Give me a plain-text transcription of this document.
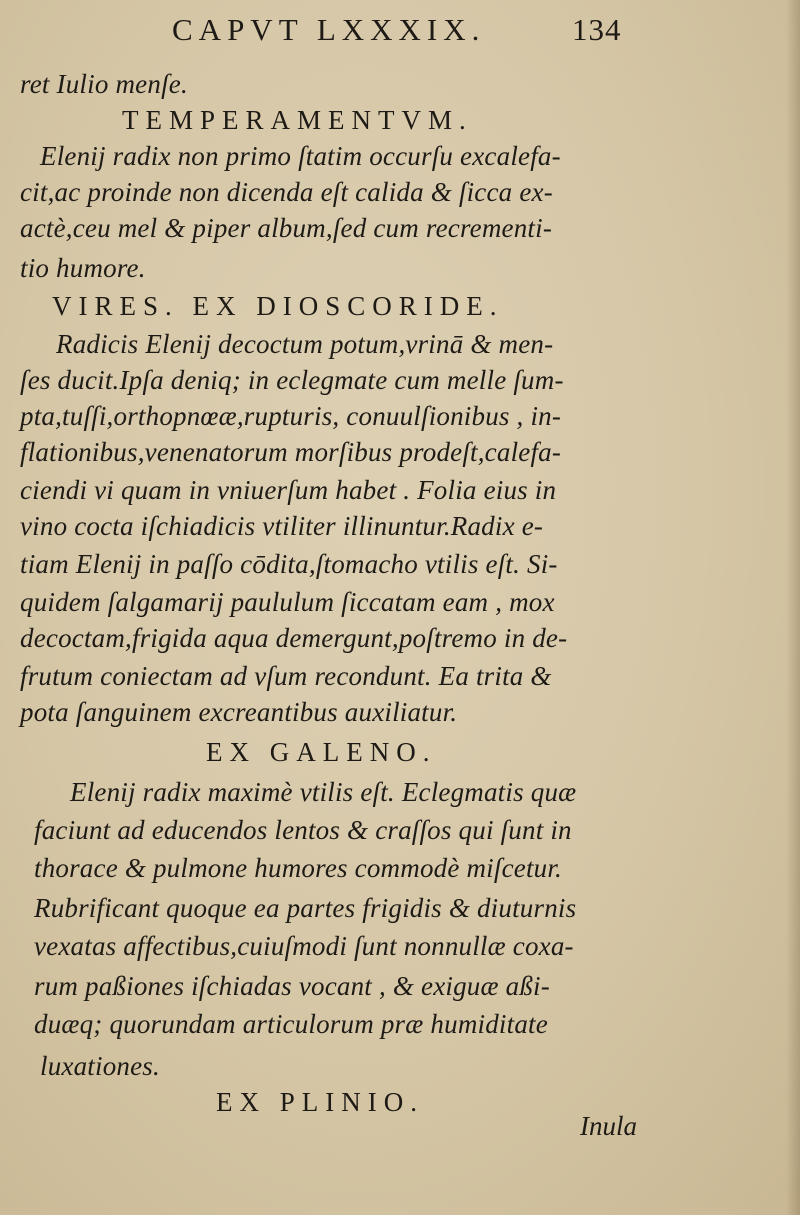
CAPVT LXXXIX.	134
ret Iulio menſe.
TEMPERAMENTVM.
Elenij radix non primo ſtatim occurſu excalefa-
cit,ac proinde non dicenda eſt calida & ſicca ex-
actè,ceu mel & piper album,ſed cum recrementi-
tio humore.
VIRES. EX DIOSCORIDE.
Radicis Elenij decoctum potum,vrinā & men-
ſes ducit.Ipſa deniq; in eclegmate cum melle ſum-
pta,tuſſi,orthopnœæ,rupturis, conuulſionibus , in-
flationibus,venenatorum morſibus prodeſt,calefa-
ciendi vi quam in vniuerſum habet . Folia eius in
vino cocta iſchiadicis vtiliter illinuntur.Radix e-
tiam Elenij in paſſo cōdita,ſtomacho vtilis eſt. Si-
quidem ſalgamarij paululum ſiccatam eam , mox
decoctam,frigida aqua demergunt,poſtremo in de-
frutum coniectam ad vſum recondunt. Ea trita &
pota ſanguinem excreantibus auxiliatur.
EX GALENO.
Elenij radix maximè vtilis eſt. Eclegmatis quæ
faciunt ad educendos lentos & craſſos qui ſunt in
thorace & pulmone humores commodè miſcetur.
Rubrificant quoque ea partes frigidis & diuturnis
vexatas affectibus,cuiuſmodi ſunt nonnullæ coxa-
rum paßiones iſchiadas vocant , & exiguæ aßi-
duæq; quorundam articulorum præ humiditate
luxationes.
EX PLINIO.
Inula
